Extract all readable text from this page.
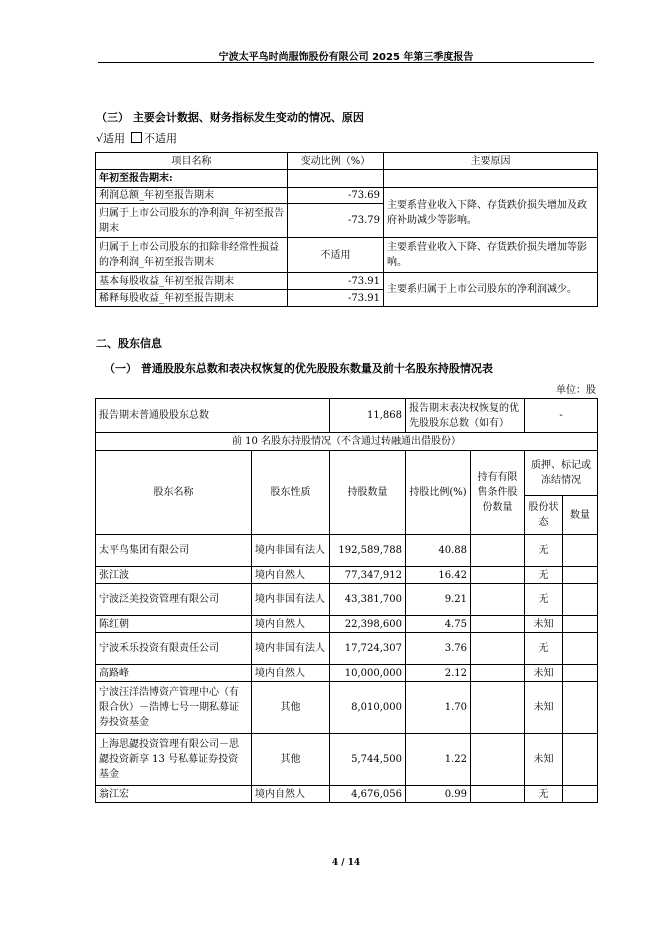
宁波太平鸟时尚服饰股份有限公司 2025 年第三季度报告
（三） 主要会计数据、财务指标发生变动的情况、原因
√适用 不适用
项目名称	变动比例（%）	主要原因
年初至报告期末:		
利润总额_年初至报告期末	-73.69	主要系营业收入下降、存货跌价损失增加及政府补助减少等影响。
归属于上市公司股东的净利润_年初至报告期末	-73.79	
归属于上市公司股东的扣除非经常性损益的净利润_年初至报告期末	不适用	主要系营业收入下降、存货跌价损失增加等影响。
基本每股收益_年初至报告期末	-73.91	主要系归属于上市公司股东的净利润减少。
稀释每股收益_年初至报告期末	-73.91	
二、股东信息
（一） 普通股股东总数和表决权恢复的优先股股东数量及前十名股东持股情况表
单位：股
报告期末普通股股东总数		11,868	报告期末表决权恢复的优先股股东总数（如有）		-	
前 10 名股东持股情况（不含通过转融通出借股份）						
股东名称	股东性质	持股数量	持股比例(%)	持有有限售条件股份数量	质押、标记或冻结情况	
					股份状态	数量
太平鸟集团有限公司	境内非国有法人	192,589,788	40.88		无	
张江波	境内自然人	77,347,912	16.42		无	
宁波泛美投资管理有限公司	境内非国有法人	43,381,700	9.21		无	
陈红朝	境内自然人	22,398,600	4.75		未知	
宁波禾乐投资有限责任公司	境内非国有法人	17,724,307	3.76		无	
高路峰	境内自然人	10,000,000	2.12		未知	
宁波汪洋浩博资产管理中心（有限合伙）－浩博七号一期私募证券投资基金	其他	8,010,000	1.70		未知	
上海思勰投资管理有限公司－思勰投资新享 13 号私募证券投资基金	其他	5,744,500	1.22		未知	
翁江宏	境内自然人	4,676,056	0.99		无	
4 / 14
